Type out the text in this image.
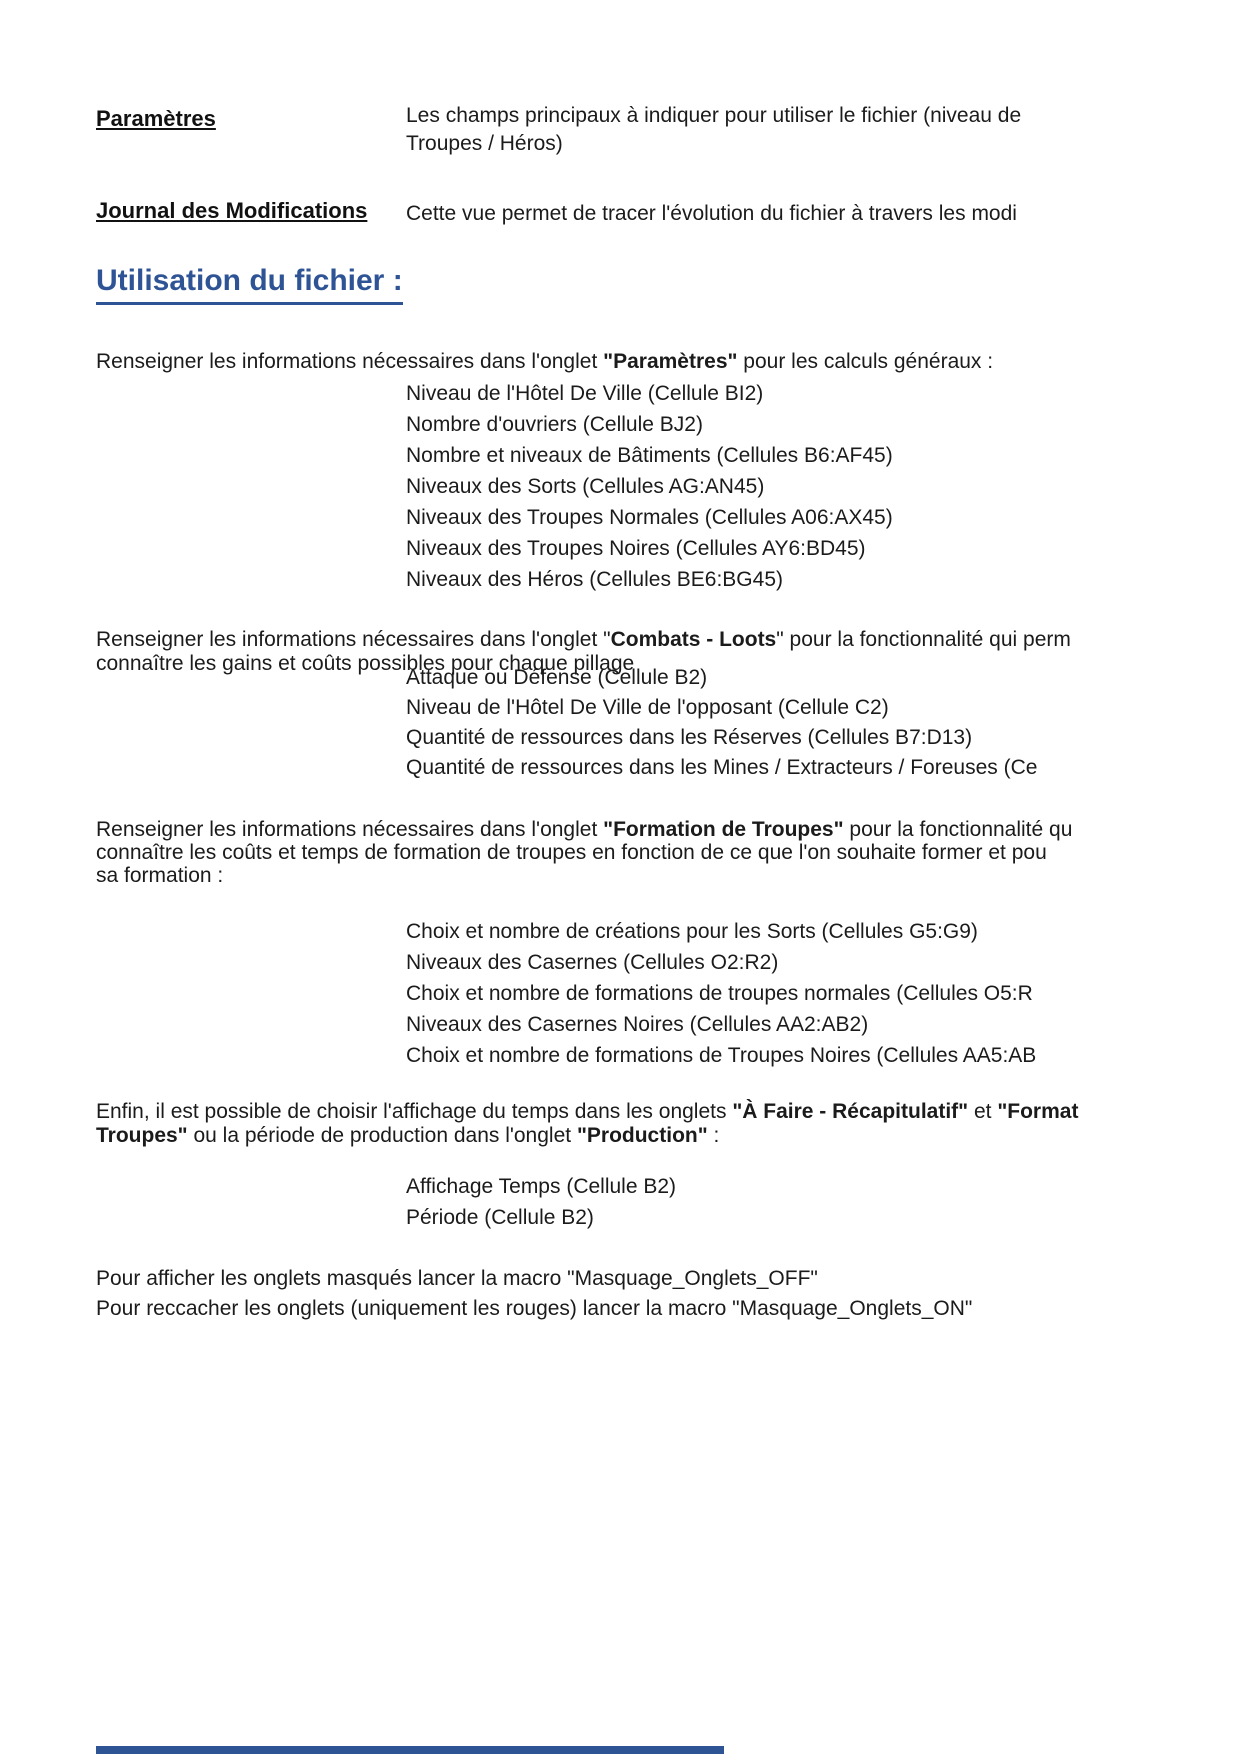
Paramètres	Les champs principaux à indiquer pour utiliser le fichier (niveau de
Troupes / Héros)
Journal des Modifications Cette vue permet de tracer l'évolution du fichier à travers les modi
Utilisation du fichier :
Renseigner les informations nécessaires dans l'onglet "Paramètres" pour les calculs généraux :
Niveau de l'Hôtel De Ville (Cellule BI2)
Nombre d'ouvriers (Cellule BJ2)
Nombre et niveaux de Bâtiments (Cellules B6:AF45)
Niveaux des Sorts (Cellules AG:AN45)
Niveaux des Troupes Normales (Cellules A06:AX45)
Niveaux des Troupes Noires (Cellules AY6:BD45)
Niveaux des Héros (Cellules BE6:BG45)
Renseigner les informations nécessaires dans l'onglet "Combats - Loots" pour la fonctionnalité qui perm
connaître les gains et coûts possibles pour chaque pillage
Attaque ou Défense (Cellule B2)
Niveau de l'Hôtel De Ville de l'opposant (Cellule C2)
Quantité de ressources dans les Réserves (Cellules B7:D13)
Quantité de ressources dans les Mines / Extracteurs / Foreuses (Ce
Renseigner les informations nécessaires dans l'onglet "Formation de Troupes" pour la fonctionnalité qu
connaître les coûts et temps de formation de troupes en fonction de ce que l'on souhaite former et pou
sa formation :
Choix et nombre de créations pour les Sorts (Cellules G5:G9)
Niveaux des Casernes (Cellules O2:R2)
Choix et nombre de formations de troupes normales (Cellules O5:R
Niveaux des Casernes Noires (Cellules AA2:AB2)
Choix et nombre de formations de Troupes Noires (Cellules AA5:AB
Enfin, il est possible de choisir l'affichage du temps dans les onglets "À Faire - Récapitulatif" et "Format
Troupes" ou la période de production dans l'onglet "Production" :
Affichage Temps (Cellule B2)
Période (Cellule B2)
Pour afficher les onglets masqués lancer la macro "Masquage_Onglets_OFF"
Pour reccacher les onglets (uniquement les rouges) lancer la macro "Masquage_Onglets_ON"
